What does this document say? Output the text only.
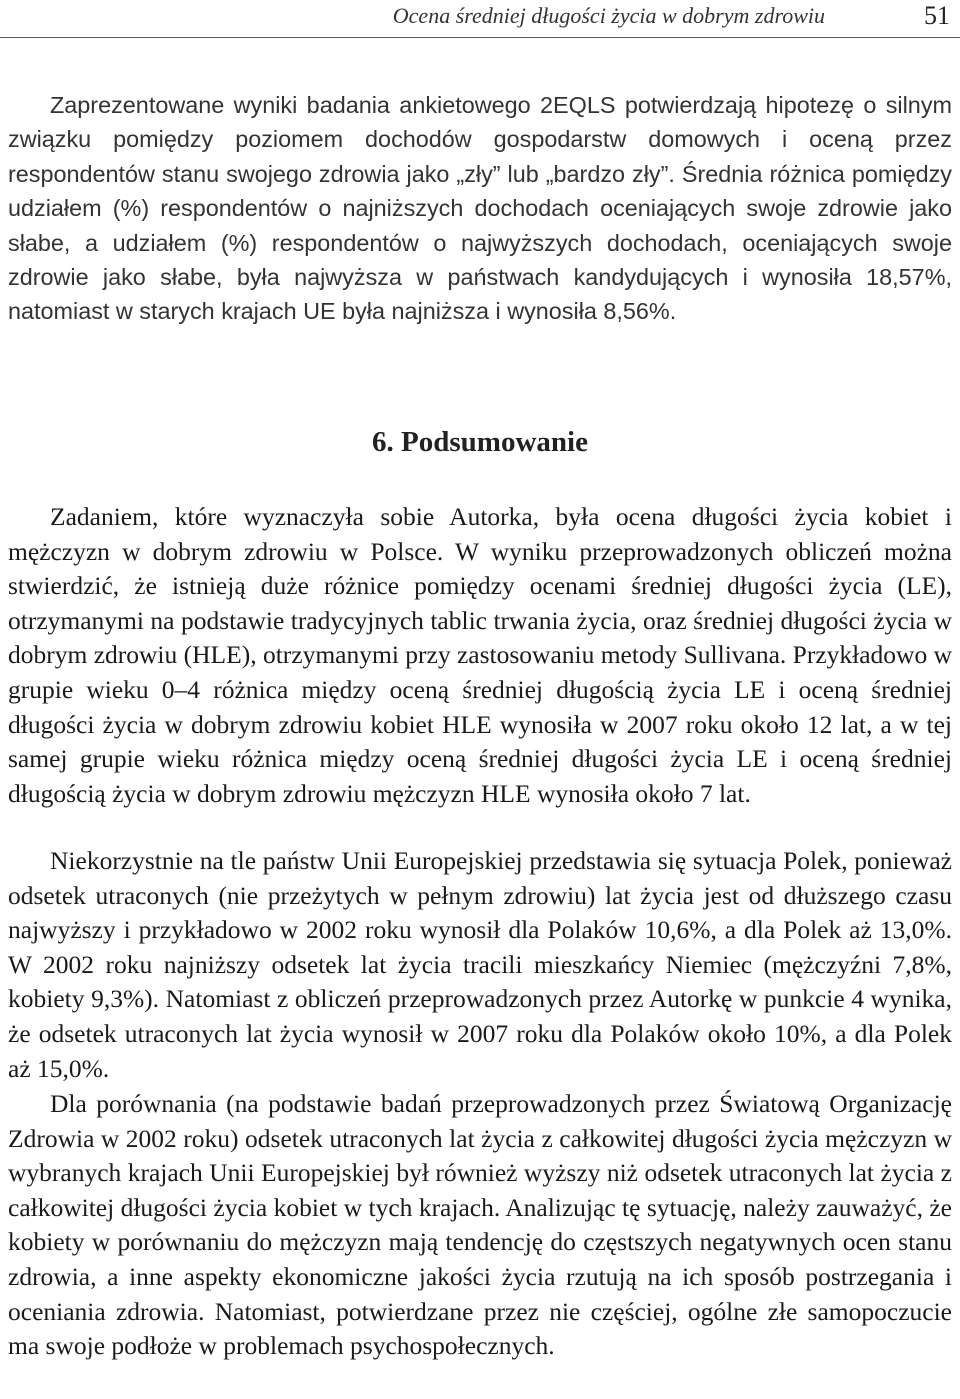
Ocena średniej długości życia w dobrym zdrowiu	51

Zaprezentowane wyniki badania ankietowego 2EQLS potwierdzają hipotezę o silnym związku pomiędzy poziomem dochodów gospodarstw domowych i oceną przez respondentów stanu swojego zdrowia jako „zły” lub „bardzo zły”. Średnia różnica pomiędzy udziałem (%) respondentów o najniższych dochodach oceniających swoje zdrowie jako słabe, a udziałem (%) respondentów o najwyższych dochodach, oceniających swoje zdrowie jako słabe, była najwyższa w państwach kandydujących i wynosiła 18,57%, natomiast w starych krajach UE była najniższa i wynosiła 8,56%.

6. Podsumowanie

Zadaniem, które wyznaczyła sobie Autorka, była ocena długości życia kobiet i mężczyzn w dobrym zdrowiu w Polsce. W wyniku przeprowadzonych obliczeń można stwierdzić, że istnieją duże różnice pomiędzy ocenami średniej długości życia (LE), otrzymanymi na podstawie tradycyjnych tablic trwania życia, oraz średniej długości życia w dobrym zdrowiu (HLE), otrzymanymi przy zastosowaniu metody Sullivana. Przykładowo w grupie wieku 0–4 różnica między oceną średniej długością życia LE i oceną średniej długości życia w dobrym zdrowiu kobiet HLE wynosiła w 2007 roku około 12 lat, a w tej samej grupie wieku różnica między oceną średniej długości życia LE i oceną średniej długością życia w dobrym zdrowiu mężczyzn HLE wynosiła około 7 lat.

Niekorzystnie na tle państw Unii Europejskiej przedstawia się sytuacja Polek, ponieważ odsetek utraconych (nie przeżytych w pełnym zdrowiu) lat życia jest od dłuższego czasu najwyższy i przykładowo w 2002 roku wynosił dla Polaków 10,6%, a dla Polek aż 13,0%. W 2002 roku najniższy odsetek lat życia tracili mieszkańcy Niemiec (mężczyźni 7,8%, kobiety 9,3%). Natomiast z obliczeń przeprowadzonych przez Autorkę w punkcie 4 wynika, że odsetek utraconych lat życia wynosił w 2007 roku dla Polaków około 10%, a dla Polek aż 15,0%.

Dla porównania (na podstawie badań przeprowadzonych przez Światową Organizację Zdrowia w 2002 roku) odsetek utraconych lat życia z całkowitej długości życia mężczyzn w wybranych krajach Unii Europejskiej był również wyższy niż odsetek utraconych lat życia z całkowitej długości życia kobiet w tych krajach. Analizując tę sytuację, należy zauważyć, że kobiety w porównaniu do mężczyzn mają tendencję do częstszych negatywnych ocen stanu zdrowia, a inne aspekty ekonomiczne jakości życia rzutują na ich sposób postrzegania i oceniania zdrowia. Natomiast, potwierdzane przez nie częściej, ogólne złe samopoczucie ma swoje podłoże w problemach psychospołecznych.
